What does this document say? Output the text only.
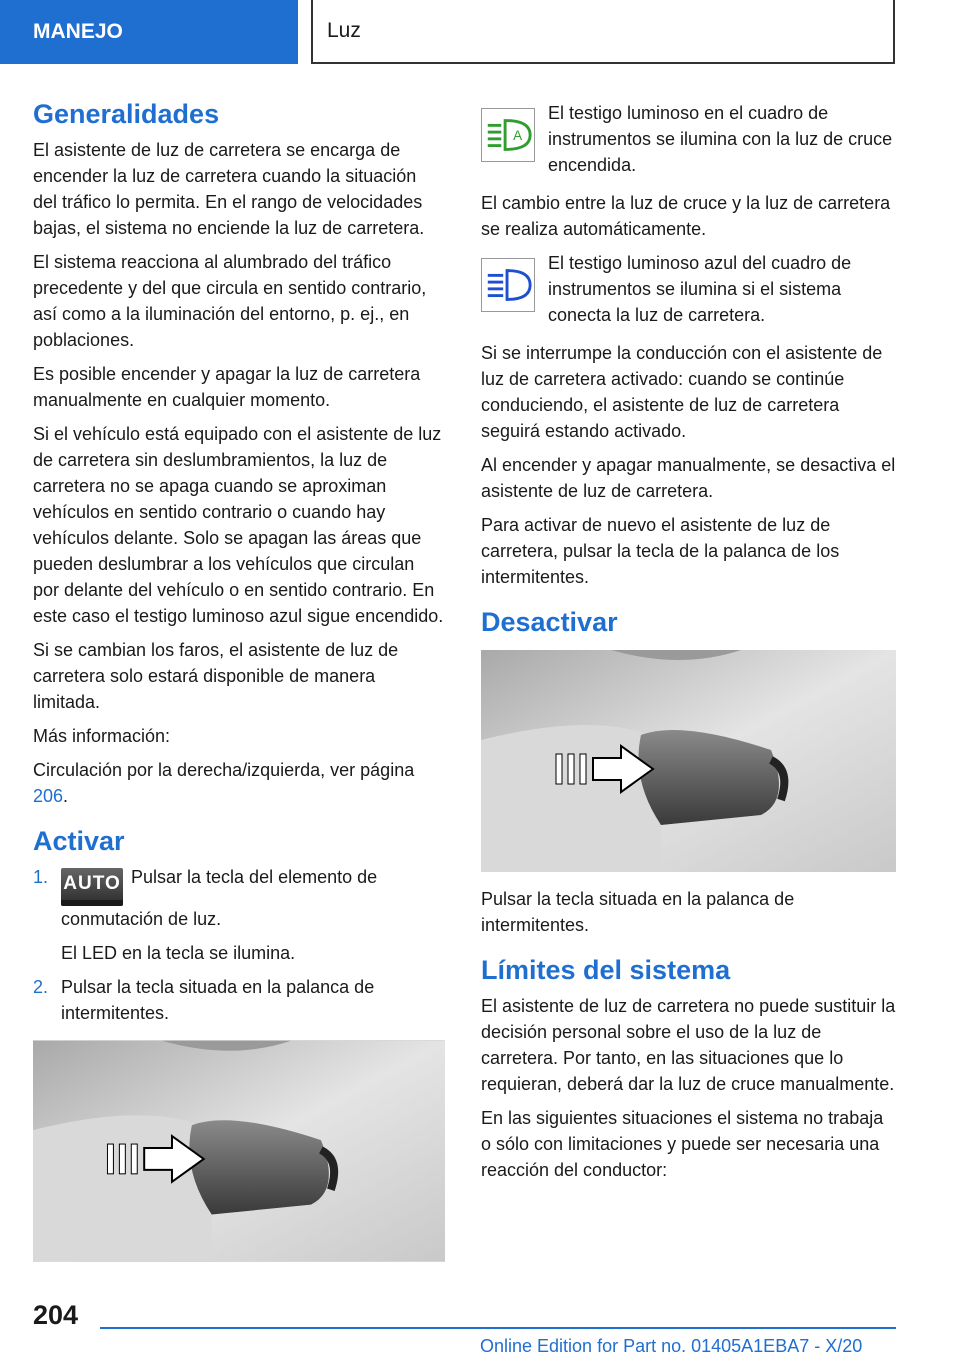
MANEJO	Luz
Generalidades

El asistente de luz de carretera se encarga de encender la luz de carretera cuando la situación del tráfico lo permita. En el rango de velocidades bajas, el sistema no enciende la luz de carretera.

El sistema reacciona al alumbrado del tráfico precedente y del que circula en sentido contrario, así como a la iluminación del entorno, p. ej., en poblaciones.

Es posible encender y apagar la luz de carretera manualmente en cualquier momento.

Si el vehículo está equipado con el asistente de luz de carretera sin deslumbramientos, la luz de carretera no se apaga cuando se aproximan vehículos en sentido contrario o cuando hay vehículos delante. Solo se apagan las áreas que pueden deslumbrar a los vehículos que circulan por delante del vehículo o en sentido contrario. En este caso el testigo luminoso azul sigue encendido.

Si se cambian los faros, el asistente de luz de carretera solo estará disponible de manera limitada.

Más información:

Circulación por la derecha/izquierda, ver página 206.

Activar
1. AUTO Pulsar la tecla del elemento de conmutación de luz.

El LED en la tecla se ilumina.

2. Pulsar la tecla situada en la palanca de intermitentes.
A

El testigo luminoso en el cuadro de instrumentos se ilumina con la luz de cruce encendida.

El cambio entre la luz de cruce y la luz de carretera se realiza automáticamente.

El testigo luminoso azul del cuadro de instrumentos se ilumina si el sistema conecta la luz de carretera.

Si se interrumpe la conducción con el asistente de luz de carretera activado: cuando se continúe conduciendo, el asistente de luz de carretera seguirá estando activado.

Al encender y apagar manualmente, se desactiva el asistente de luz de carretera.

Para activar de nuevo el asistente de luz de carretera, pulsar la tecla de la palanca de los intermitentes.

Desactivar

Pulsar la tecla situada en la palanca de intermitentes.

Límites del sistema

El asistente de luz de carretera no puede sustituir la decisión personal sobre el uso de la luz de carretera. Por tanto, en las situaciones que lo requieran, deberá dar la luz de cruce manualmente.

En las siguientes situaciones el sistema no trabaja o sólo con limitaciones y puede ser necesaria una reacción del conductor:

204
Online Edition for Part no. 01405A1EBA7 - X/20
